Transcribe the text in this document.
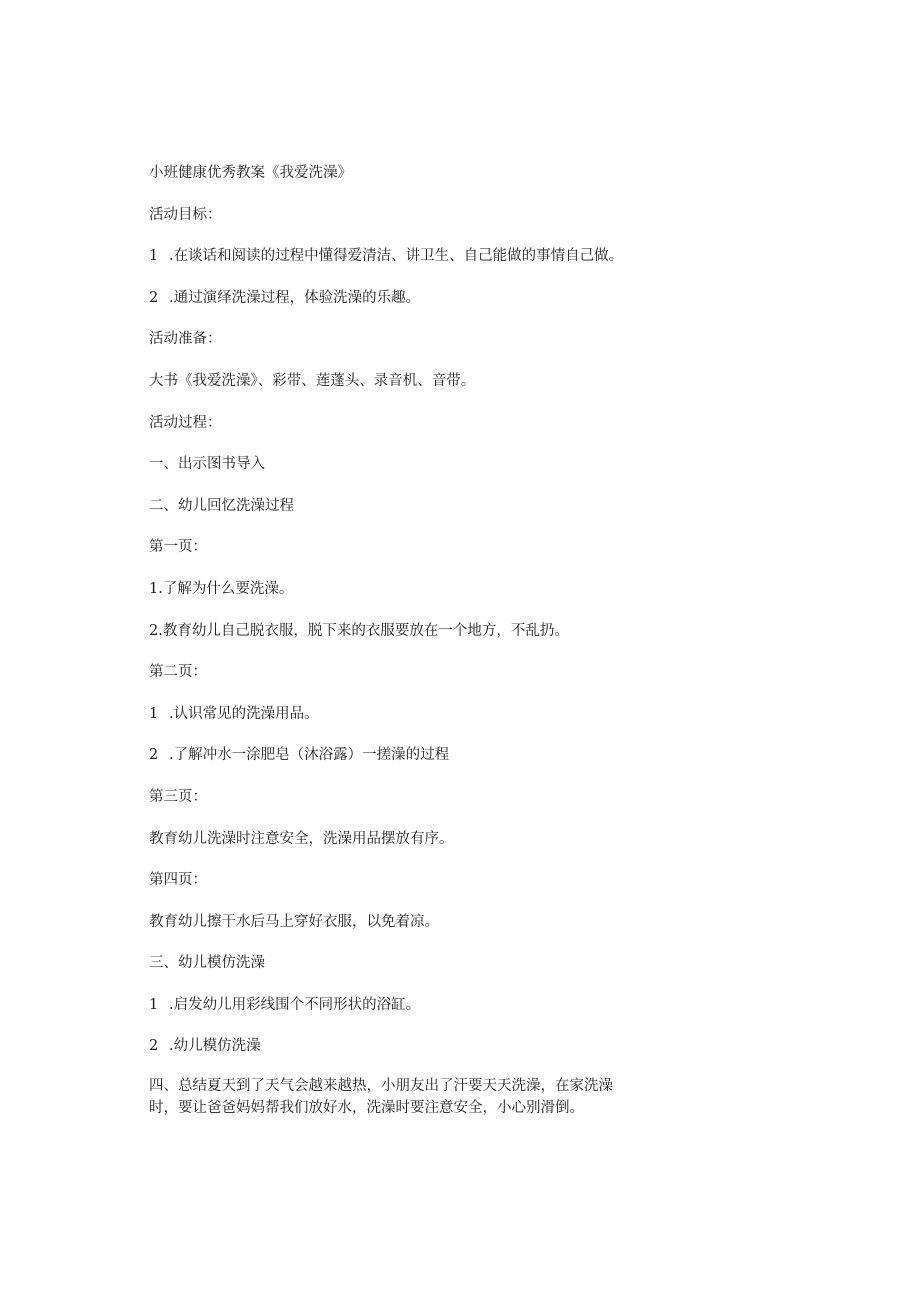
小班健康优秀教案《我爱洗澡》
活动目标：
1 .在谈话和阅读的过程中懂得爱清洁、讲卫生、自己能做的事情自己做。
2 .通过演绎洗澡过程，体验洗澡的乐趣。
活动准备：
大书《我爱洗澡》、彩带、莲蓬头、录音机、音带。
活动过程：
一、出示图书导入
二、幼儿回忆洗澡过程
第一页：
1.了解为什么要洗澡。
2.教育幼儿自己脱衣服，脱下来的衣服要放在一个地方，不乱扔。
第二页：
1 .认识常见的洗澡用品。
2 .了解冲水一涂肥皂（沐浴露）一搓澡的过程
第三页：
教育幼儿洗澡时注意安全，洗澡用品摆放有序。
第四页：
教育幼儿擦干水后马上穿好衣服，以免着凉。
三、幼儿模仿洗澡
1 .启发幼儿用彩线围个不同形状的浴缸。
2 .幼儿模仿洗澡
四、总结夏天到了天气会越来越热，小朋友出了汗要天天洗澡，在家洗澡
时，要让爸爸妈妈帮我们放好水，洗澡时要注意安全，小心别滑倒。
